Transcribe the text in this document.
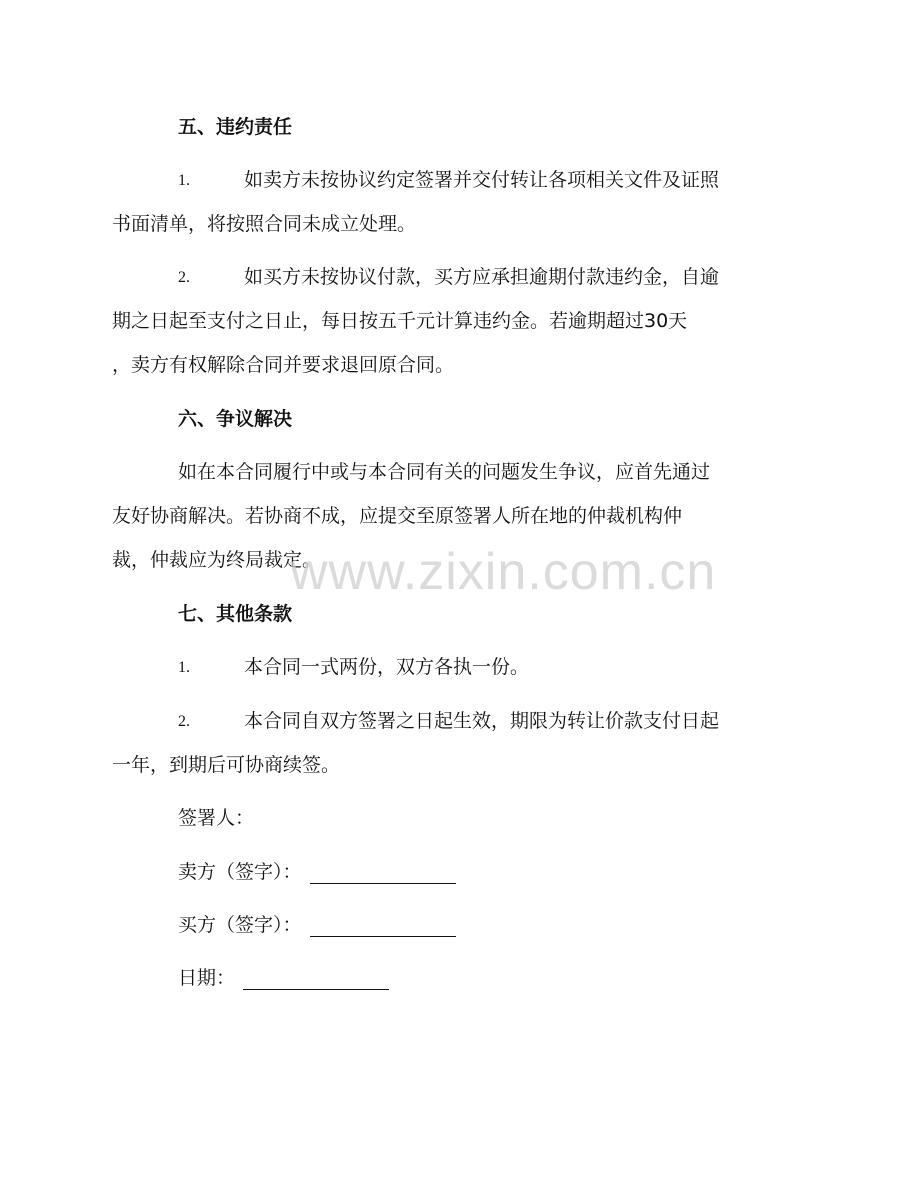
五、违约责任
1.	如卖方未按协议约定签署并交付转让各项相关文件及证照
书面清单，将按照合同未成立处理。
2.	如买方未按协议付款，买方应承担逾期付款违约金，自逾
期之日起至支付之日止，每日按五千元计算违约金。若逾期超过30天
，卖方有权解除合同并要求退回原合同。
六、争议解决
如在本合同履行中或与本合同有关的问题发生争议，应首先通过
友好协商解决。若协商不成，应提交至原签署人所在地的仲裁机构仲
裁，仲裁应为终局裁定。
七、其他条款
1.	本合同一式两份，双方各执一份。
2.	本合同自双方签署之日起生效，期限为转让价款支付日起
一年，到期后可协商续签。
签署人：
卖方（签字）：
买方（签字）：
日期：
www.zixin.com.cn
